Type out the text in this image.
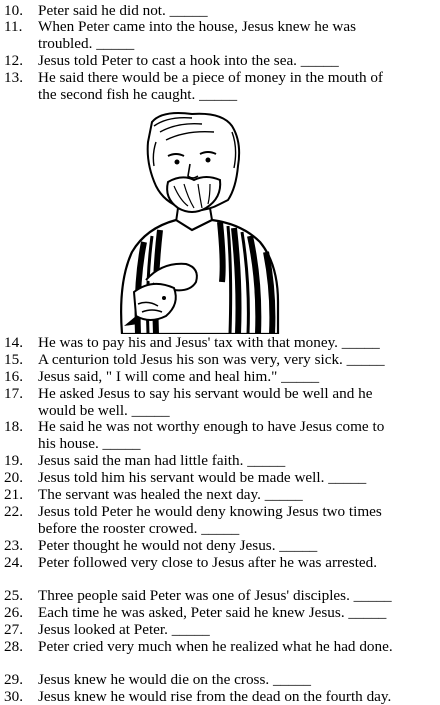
10. Peter said he did not. _____
11.	When Peter came into the house, Jesus knew he was
troubled. _____
12. Jesus told Peter to cast a hook into the sea. _____
13. He said there would be a piece of money in the mouth of
the second fish he caught. _____
14. He was to pay his and Jesus' tax with that money. _____
15. A centurion told Jesus his son was very, very sick. _____
16. Jesus said, " I will come and heal him." _____
17. He asked Jesus to say his servant would be well and he
would be well. _____
18. He said he was not worthy enough to have Jesus come to
his house. _____
19. Jesus said the man had little faith. _____
20. Jesus told him his servant would be made well. _____
21. The servant was healed the next day. _____
22. Jesus told Peter he would deny knowing Jesus two times
before the rooster crowed. _____
23. Peter thought he would not deny Jesus. _____
24. Peter followed very close to Jesus after he was arrested.
25. Three people said Peter was one of Jesus' disciples. _____
26. Each time he was asked, Peter said he knew Jesus. _____
27. Jesus looked at Peter. _____
28. Peter cried very much when he realized what he had done.
29. Jesus knew he would die on the cross. _____
30. Jesus knew he would rise from the dead on the fourth day.
